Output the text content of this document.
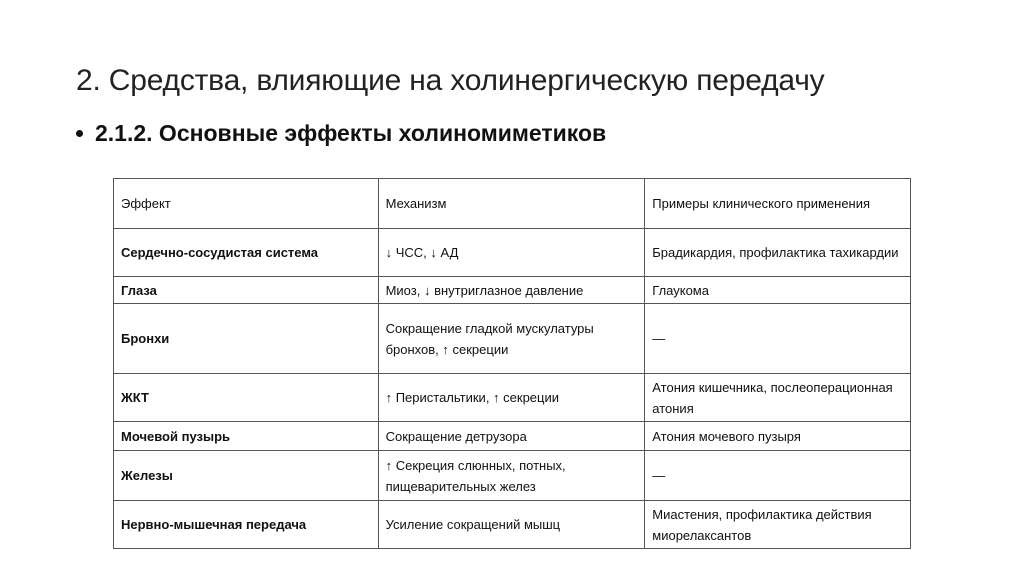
2. Средства, влияющие на холинергическую передачу
2.1.2. Основные эффекты холиномиметиков
Эффект	Механизм	Примеры клинического применения
Сердечно-сосудистая система	↓ ЧСС, ↓ АД	Брадикардия, профилактика тахикардии
Глаза	Миоз, ↓ внутриглазное давление	Глаукома
Бронхи	Сокращение гладкой мускулатуры бронхов, ↑ секреции	—
ЖКТ	↑ Перистальтики, ↑ секреции	Атония кишечника, послеоперационная атония
Мочевой пузырь	Сокращение детрузора	Атония мочевого пузыря
Железы	↑ Секреция слюнных, потных, пищеварительных желез	—
Нервно-мышечная передача	Усиление сокращений мышц	Миастения, профилактика действия миорелаксантов
